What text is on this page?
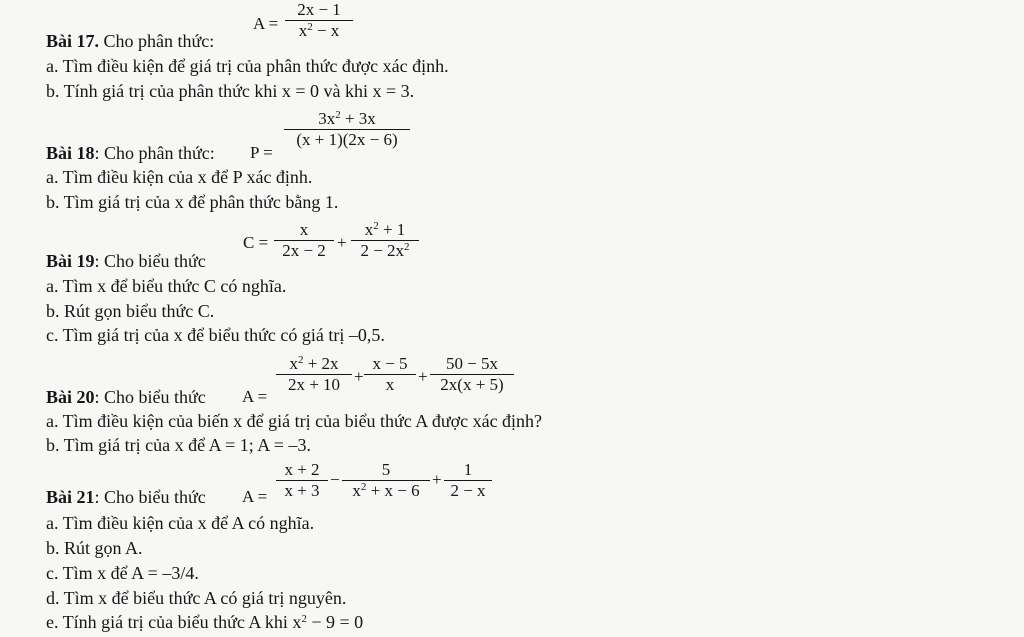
Bài 17. Cho phân thức:
A =
2x − 1
$x^2 - x$
a. Tìm điều kiện để giá trị của phân thức được xác định.
b. Tính giá trị của phân thức khi x = 0 và khi x = 3.
Bài 18: Cho phân thức: P =
$3x^2 + 3x$
(x + 1)(2x − 6)
a. Tìm điều kiện của x để P xác định.
b. Tìm giá trị của x để phân thức bằng 1.
Bài 19: Cho biểu thức
C =
x
2x − 2 +
$x^2 + 1$
$2 - 2x^2$
a. Tìm x để biểu thức C có nghĩa.
b. Rút gọn biểu thức C.
c. Tìm giá trị của x để biểu thức có giá trị –0,5.
Bài 20: Cho biểu thức A =
$x^2 + 2x$
2x + 10 +
x − 5
x	+
50 − 5x
2x(x + 5)
a. Tìm điều kiện của biến x để giá trị của biểu thức A được xác định?
b. Tìm giá trị của x để A = 1; A = –3.
Bài 21: Cho biểu thức A =
x + 2
x + 3
−
5
$x^2 + x - 6$
+
1
2 − x
a. Tìm điều kiện của x để A có nghĩa.
b. Rút gọn A.
c. Tìm x để A = –3/4.
d. Tìm x để biểu thức A có giá trị nguyên.
e. Tính giá trị của biểu thức A khi $x^2 - 9 = 0$
